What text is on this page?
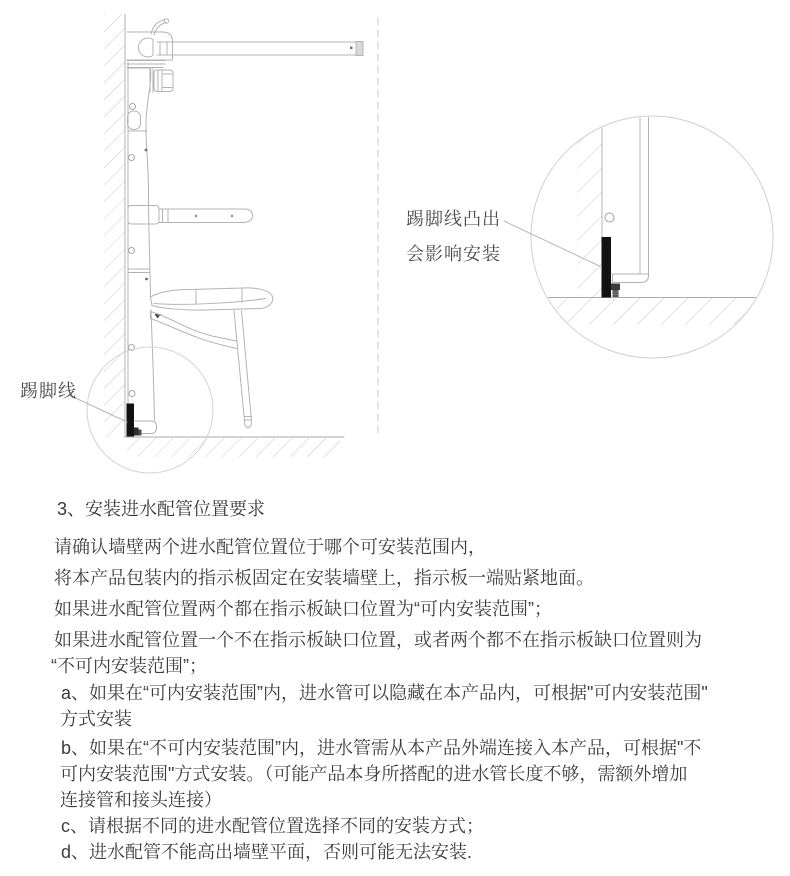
踢脚线
踢脚线凸出
会影响安装
3、安装进水配管位置要求
请确认墙壁两个进水配管位置位于哪个可安装范围内，
将本产品包装内的指示板固定在安装墙壁上，指示板一端贴紧地面。
如果进水配管位置两个都在指示板缺口位置为“可内安装范围”；
如果进水配管位置一个不在指示板缺口位置，或者两个都不在指示板缺口位置则为
“不可内安装范围”；
a、如果在“可内安装范围”内，进水管可以隐藏在本产品内，可根据"可内安装范围"
方式安装
b、如果在“不可内安装范围”内，进水管需从本产品外端连接入本产品，可根据"不
可内安装范围"方式安装。（可能产品本身所搭配的进水管长度不够，需额外增加
连接管和接头连接）
c、请根据不同的进水配管位置选择不同的安装方式；
d、进水配管不能高出墙壁平面，否则可能无法安装.
